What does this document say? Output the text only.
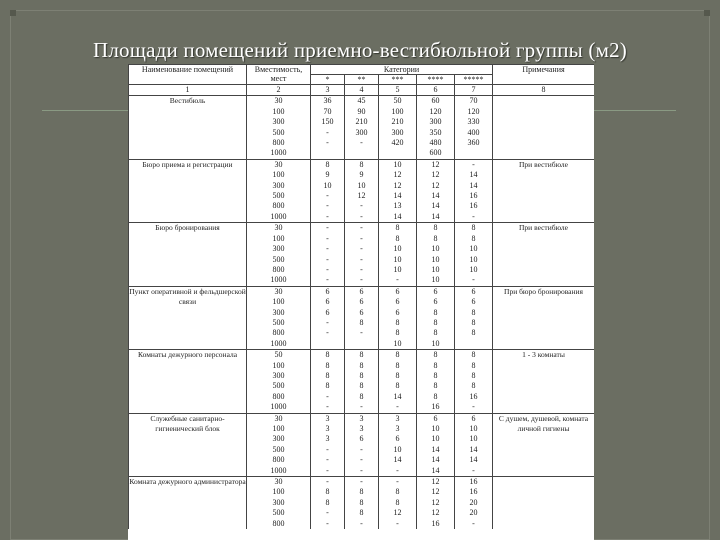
Площади помещений приемно-вестибюльной группы (м2)
Наименование помещений	Вместимость, мест	Категории					Примечания
		*	**	***	****	*****	
1	2	3	4	5	6	7	8
Вестибюль	30	36	45	50	60	70	
	100	70	90	100	120	120	
	300	150	210	210	300	330	
	500	-	300	300	350	400	
	800	-	-	420	480	360	
	1000				600		
Бюро приема и регистрации	30	8	8	10	12	-	При вестибюле
	100	9	9	12	12	14	
	300	10	10	12	12	14	
	500	-	12	14	14	16	
	800	-	-	13	14	16	
	1000	-	-	14	14	-	
Бюро бронирования	30	-	-	8	8	8	При вестибюле
	100	-	-	8	8	8	
	300	-	-	10	10	10	
	500	-	-	10	10	10	
	800	-	-	10	10	10	
	1000	-	-	-	10	-	
Пункт оперативной и фельдшерской связи	30	6	6	6	6	6	При бюро бронирования
	100	6	6	6	6	6	
	300	6	6	6	8	8	
	500	-	8	8	8	8	
	800	-	-	8	8	8	
	1000			10	10		
Комнаты дежурного персонала	50	8	8	8	8	8	1 - 3 комнаты
	100	8	8	8	8	8	
	300	8	8	8	8	8	
	500	8	8	8	8	8	
	800	-	8	14	8	16	
	1000	-	-	-	16	-	
Служебные санитарно-гигиенический блок	30	3	3	3	6	6	С душем, душевой, комната личной гигиены
	100	3	3	3	10	10	
	300	3	6	6	10	10	
	500	-	-	10	14	14	
	800	-	-	14	14	14	
	1000	-	-	-	14	-	
Комната дежурного администратора	30	-	-	-	12	16	
	100	8	8	8	12	16	
	300	8	8	8	12	20	
	500	-	8	12	12	20	
	800	-	-	-	16	-	
